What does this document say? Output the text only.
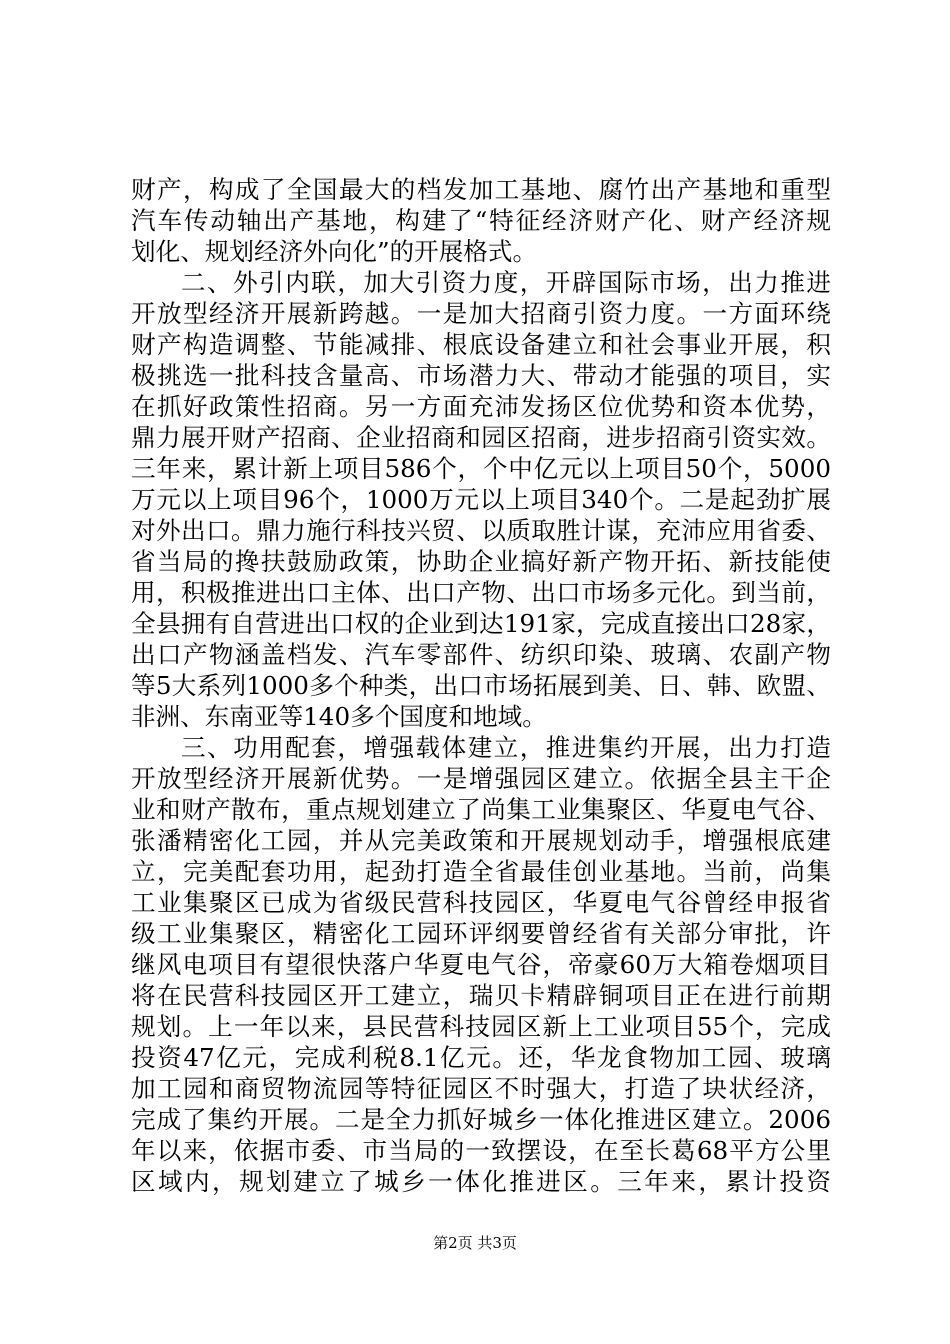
财产，构成了全国最大的档发加工基地、腐竹出产基地和重型
汽车传动轴出产基地，构建了“特征经济财产化、财产经济规
划化、规划经济外向化”的开展格式。
二、外引内联，加大引资力度，开辟国际市场，出力推进
开放型经济开展新跨越。一是加大招商引资力度。一方面环绕
财产构造调整、节能减排、根底设备建立和社会事业开展，积
极挑选一批科技含量高、市场潜力大、带动才能强的项目，实
在抓好政策性招商。另一方面充沛发扬区位优势和资本优势，
鼎力展开财产招商、企业招商和园区招商，进步招商引资实效。
三年来，累计新上项目586个，个中亿元以上项目50个，5000
万元以上项目96个，1000万元以上项目340个。二是起劲扩展
对外出口。鼎力施行科技兴贸、以质取胜计谋，充沛应用省委、
省当局的搀扶鼓励政策，协助企业搞好新产物开拓、新技能使
用，积极推进出口主体、出口产物、出口市场多元化。到当前，
全县拥有自营进出口权的企业到达191家，完成直接出口28家，
出口产物涵盖档发、汽车零部件、纺织印染、玻璃、农副产物
等5大系列1000多个种类，出口市场拓展到美、日、韩、欧盟、
非洲、东南亚等140多个国度和地域。
三、功用配套，增强载体建立，推进集约开展，出力打造
开放型经济开展新优势。一是增强园区建立。依据全县主干企
业和财产散布，重点规划建立了尚集工业集聚区、华夏电气谷、
张潘精密化工园，并从完美政策和开展规划动手，增强根底建
立，完美配套功用，起劲打造全省最佳创业基地。当前，尚集
工业集聚区已成为省级民营科技园区，华夏电气谷曾经申报省
级工业集聚区，精密化工园环评纲要曾经省有关部分审批，许
继风电项目有望很快落户华夏电气谷，帝豪60万大箱卷烟项目
将在民营科技园区开工建立，瑞贝卡精辟铜项目正在进行前期
规划。上一年以来，县民营科技园区新上工业项目55个，完成
投资47亿元，完成利税8.1亿元。还，华龙食物加工园、玻璃
加工园和商贸物流园等特征园区不时强大，打造了块状经济，
完成了集约开展。二是全力抓好城乡一体化推进区建立。2006
年以来，依据市委、市当局的一致摆设，在至长葛68平方公里
区域内，规划建立了城乡一体化推进区。三年来，累计投资
第2页 共3页
